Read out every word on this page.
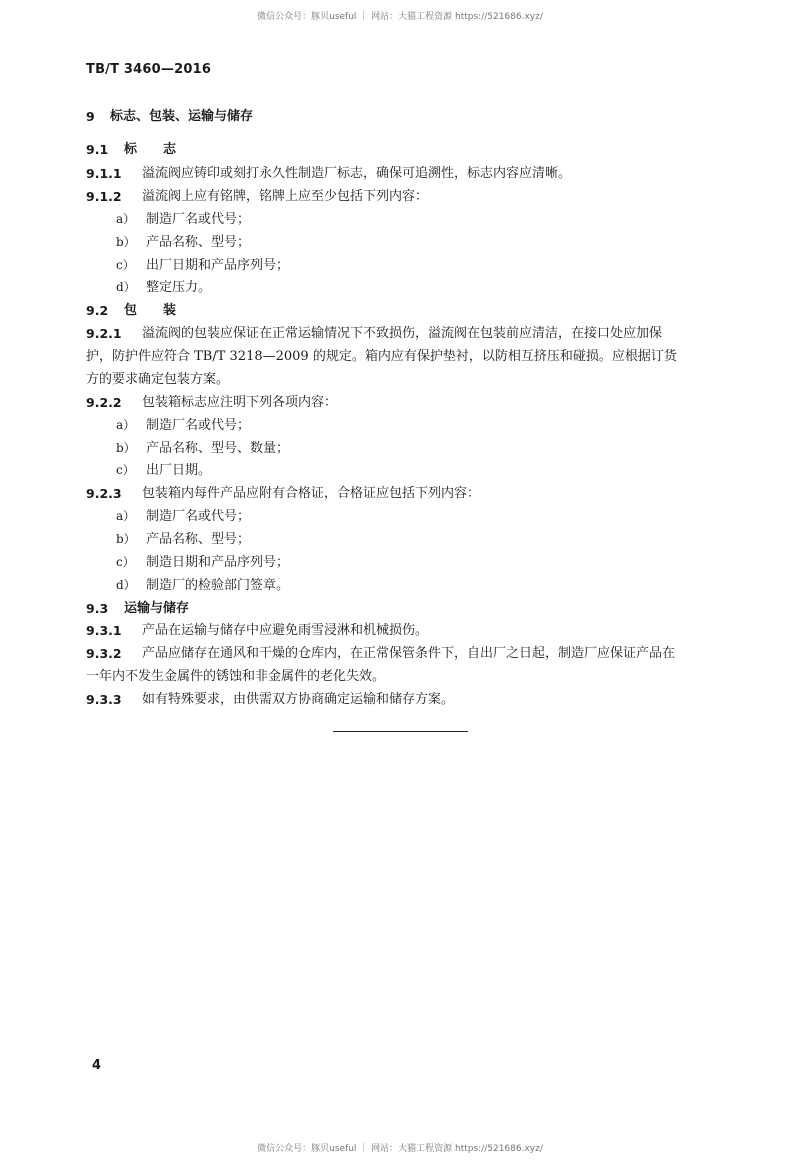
微信公众号：豚贝useful ｜ 网站：大猫工程资源 https://521686.xyz/
TB/T 3460—2016
9 标志、包装、运输与储存
9.1 标　　志
9.1.1 溢流阀应铸印或刻打永久性制造厂标志，确保可追溯性，标志内容应清晰。
9.1.2 溢流阀上应有铭牌，铭牌上应至少包括下列内容：
a） 制造厂名或代号；
b） 产品名称、型号；
c） 出厂日期和产品序列号；
d） 整定压力。
9.2 包　　装
9.2.1 溢流阀的包装应保证在正常运输情况下不致损伤，溢流阀在包装前应清洁，在接口处应加保
护，防护件应符合 TB/T 3218—2009 的规定。箱内应有保护垫衬，以防相互挤压和碰损。应根据订货
方的要求确定包装方案。
9.2.2 包装箱标志应注明下列各项内容：
a） 制造厂名或代号；
b） 产品名称、型号、数量；
c） 出厂日期。
9.2.3 包装箱内每件产品应附有合格证，合格证应包括下列内容：
a） 制造厂名或代号；
b） 产品名称、型号；
c） 制造日期和产品序列号；
d） 制造厂的检验部门签章。
9.3 运输与储存
9.3.1 产品在运输与储存中应避免雨雪浸淋和机械损伤。
9.3.2 产品应储存在通风和干燥的仓库内，在正常保管条件下，自出厂之日起，制造厂应保证产品在
一年内不发生金属件的锈蚀和非金属件的老化失效。
9.3.3 如有特殊要求，由供需双方协商确定运输和储存方案。
4
微信公众号：豚贝useful ｜ 网站：大猫工程资源 https://521686.xyz/
